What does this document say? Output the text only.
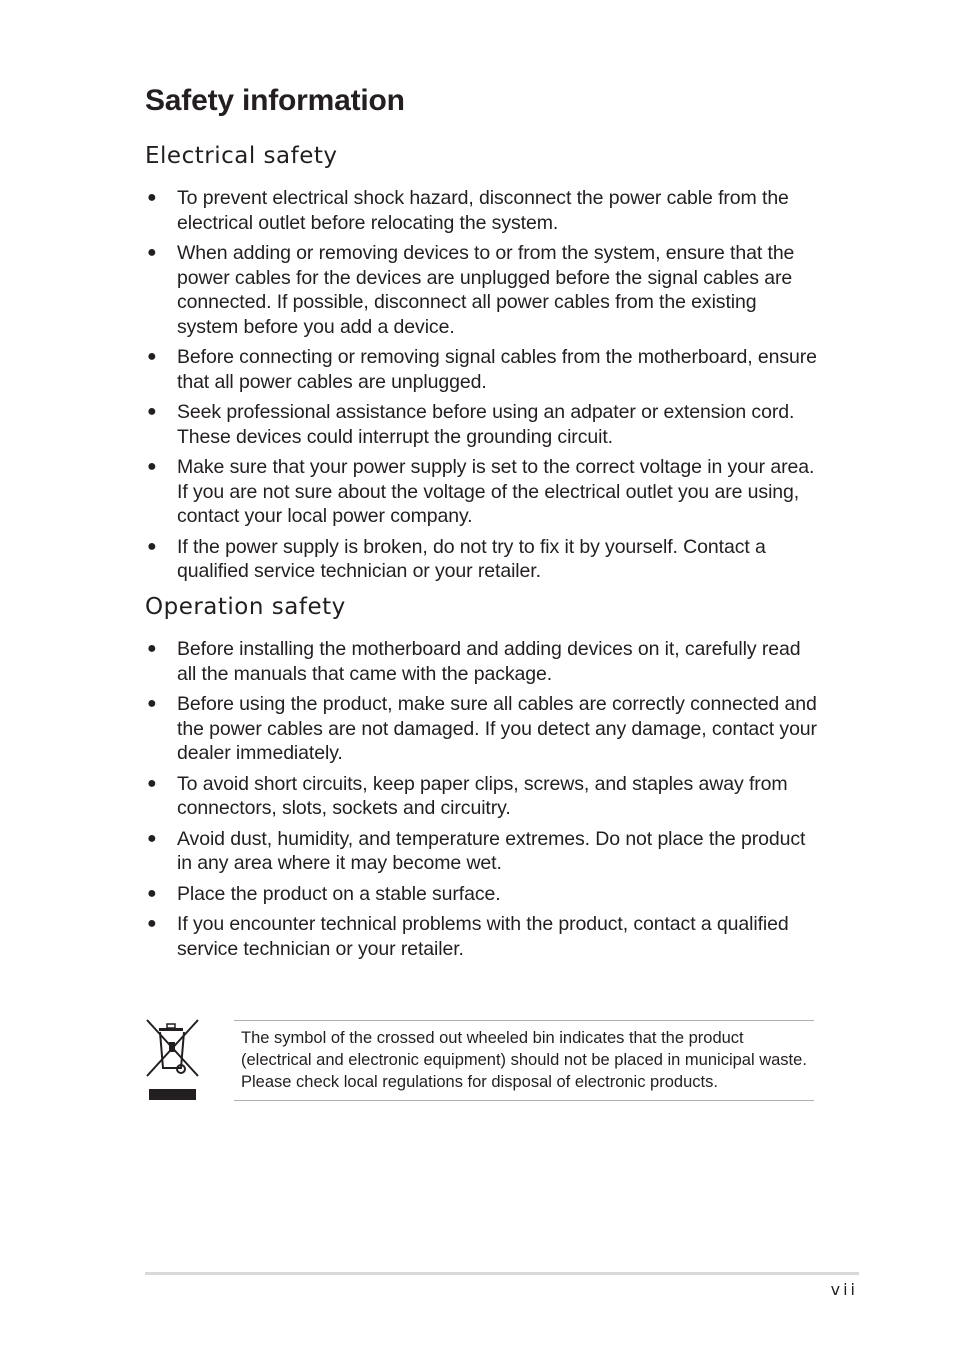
Safety information
Electrical safety
● To prevent electrical shock hazard, disconnect the power cable from the electrical outlet before relocating the system.
● When adding or removing devices to or from the system, ensure that the power cables for the devices are unplugged before the signal cables are connected. If possible, disconnect all power cables from the existing system before you add a device.
● Before connecting or removing signal cables from the motherboard, ensure that all power cables are unplugged.
● Seek professional assistance before using an adpater or extension cord. These devices could interrupt the grounding circuit.
● Make sure that your power supply is set to the correct voltage in your area. If you are not sure about the voltage of the electrical outlet you are using, contact your local power company.
● If the power supply is broken, do not try to fix it by yourself. Contact a qualified service technician or your retailer.
Operation safety
● Before installing the motherboard and adding devices on it, carefully read all the manuals that came with the package.
● Before using the product, make sure all cables are correctly connected and the power cables are not damaged. If you detect any damage, contact your dealer immediately.
● To avoid short circuits, keep paper clips, screws, and staples away from connectors, slots, sockets and circuitry.
● Avoid dust, humidity, and temperature extremes. Do not place the product in any area where it may become wet.
● Place the product on a stable surface.
● If you encounter technical problems with the product, contact a qualified service technician or your retailer.

The symbol of the crossed out wheeled bin indicates that the product (electrical and electronic equipment) should not be placed in municipal waste. Please check local regulations for disposal of electronic products.

vii
